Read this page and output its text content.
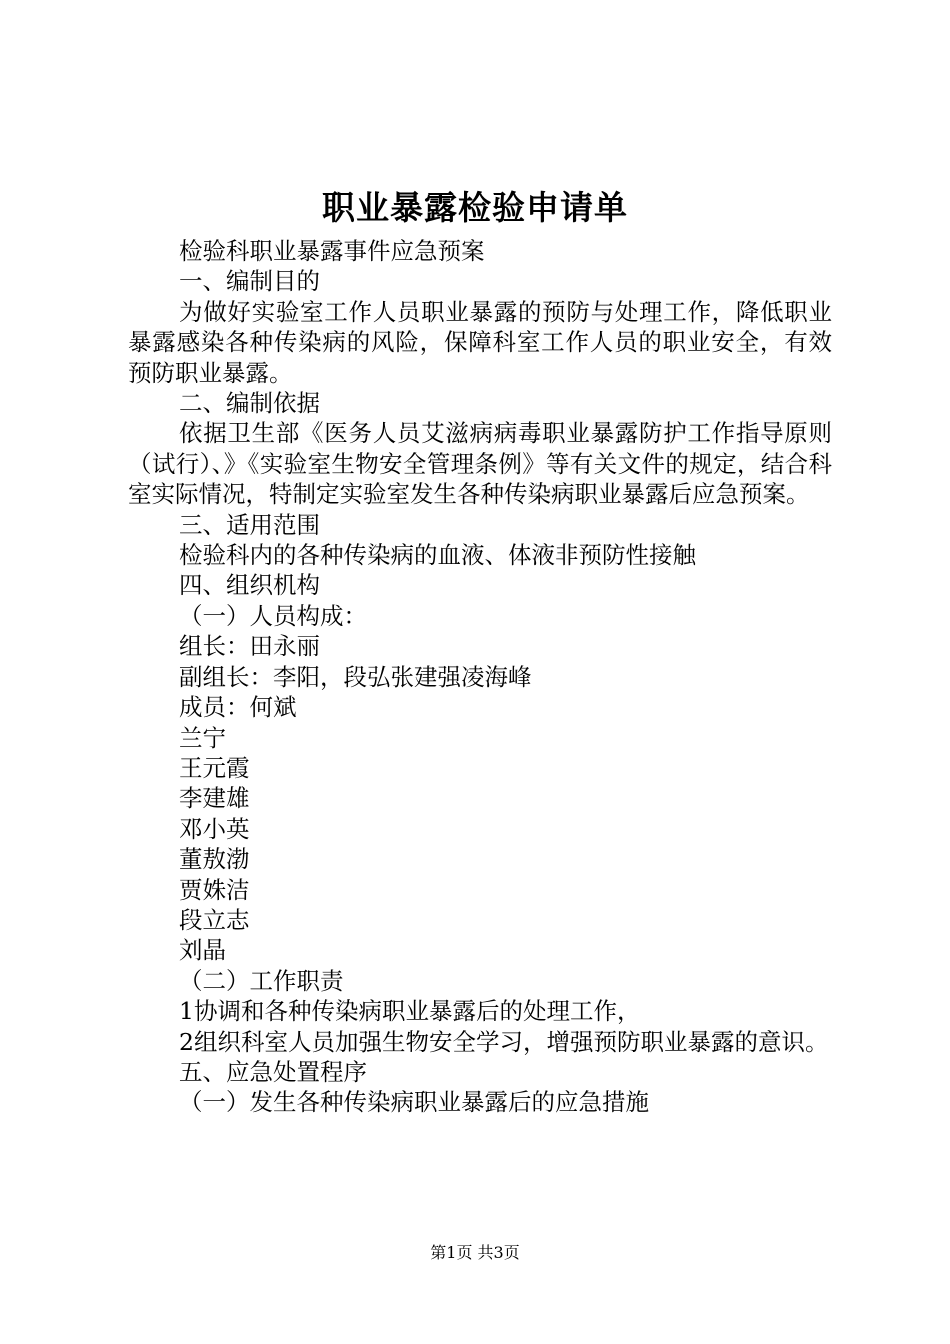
职业暴露检验申请单

检验科职业暴露事件应急预案

一、编制目的

为做好实验室工作人员职业暴露的预防与处理工作，降低职业暴露感染各种传染病的风险，保障科室工作人员的职业安全，有效预防职业暴露。

二、编制依据

依据卫生部《医务人员艾滋病病毒职业暴露防护工作指导原则（试行）、》《实验室生物安全管理条例》等有关文件的规定，结合科室实际情况，特制定实验室发生各种传染病职业暴露后应急预案。

三、适用范围

检验科内的各种传染病的血液、体液非预防性接触

四、组织机构

（一）人员构成：

组长：田永丽

副组长：李阳，段弘张建强凌海峰

成员：何斌

兰宁

王元霞

李建雄

邓小英

董敖渤

贾姝洁

段立志

刘晶

（二）工作职责

1协调和各种传染病职业暴露后的处理工作，

2组织科室人员加强生物安全学习，增强预防职业暴露的意识。

五、应急处置程序

（一）发生各种传染病职业暴露后的应急措施

第1页 共3页
